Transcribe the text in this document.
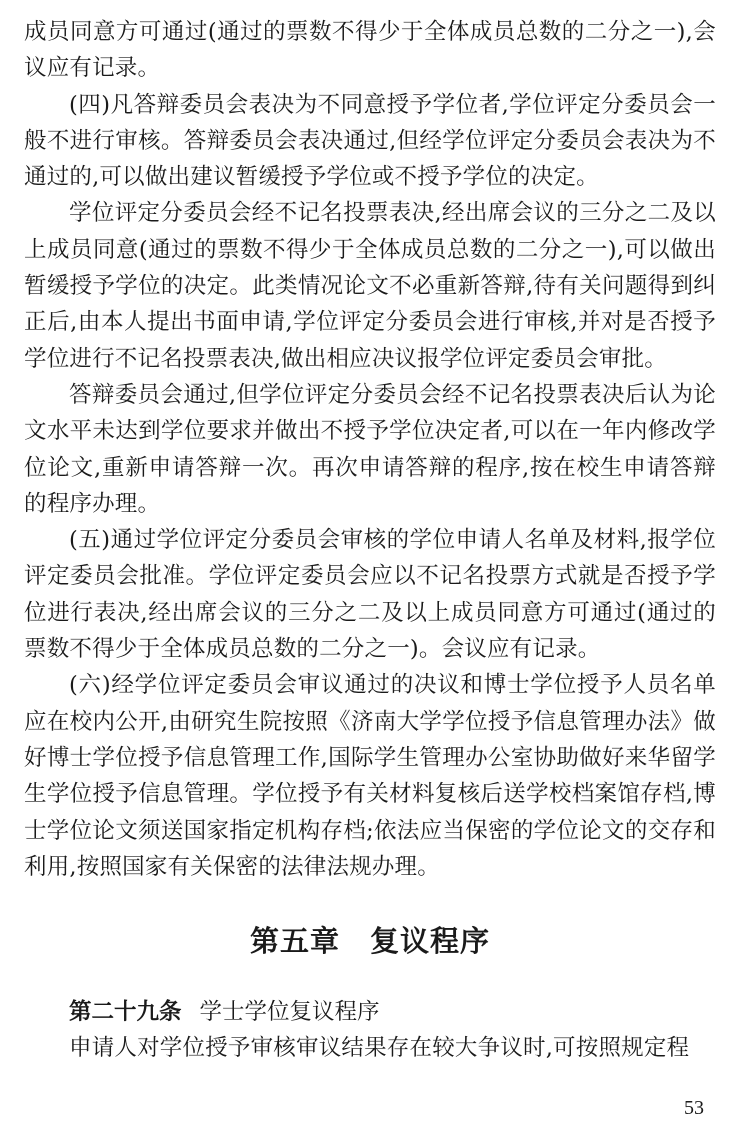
成员同意方可通过(通过的票数不得少于全体成员总数的二分之一),会议应有记录。

(四)凡答辩委员会表决为不同意授予学位者,学位评定分委员会一般不进行审核。答辩委员会表决通过,但经学位评定分委员会表决为不通过的,可以做出建议暂缓授予学位或不授予学位的决定。

学位评定分委员会经不记名投票表决,经出席会议的三分之二及以上成员同意(通过的票数不得少于全体成员总数的二分之一),可以做出暂缓授予学位的决定。此类情况论文不必重新答辩,待有关问题得到纠正后,由本人提出书面申请,学位评定分委员会进行审核,并对是否授予学位进行不记名投票表决,做出相应决议报学位评定委员会审批。

答辩委员会通过,但学位评定分委员会经不记名投票表决后认为论文水平未达到学位要求并做出不授予学位决定者,可以在一年内修改学位论文,重新申请答辩一次。再次申请答辩的程序,按在校生申请答辩的程序办理。

(五)通过学位评定分委员会审核的学位申请人名单及材料,报学位评定委员会批准。学位评定委员会应以不记名投票方式就是否授予学位进行表决,经出席会议的三分之二及以上成员同意方可通过(通过的票数不得少于全体成员总数的二分之一)。会议应有记录。

(六)经学位评定委员会审议通过的决议和博士学位授予人员名单应在校内公开,由研究生院按照《济南大学学位授予信息管理办法》做好博士学位授予信息管理工作,国际学生管理办公室协助做好来华留学生学位授予信息管理。学位授予有关材料复核后送学校档案馆存档,博士学位论文须送国家指定机构存档;依法应当保密的学位论文的交存和利用,按照国家有关保密的法律法规办理。

第五章　复议程序

第二十九条 学士学位复议程序

申请人对学位授予审核审议结果存在较大争议时,可按照规定程

53
